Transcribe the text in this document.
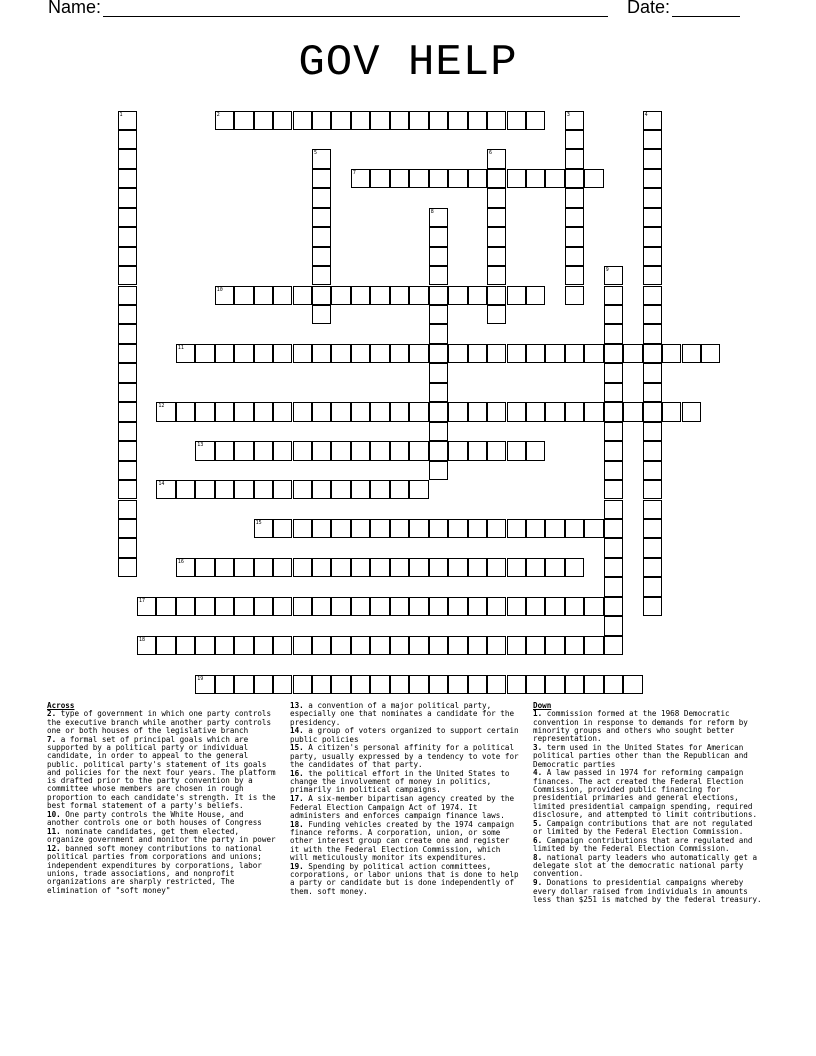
Name:	Date:
GOV HELP
1	2	3	4
5	6
7
8
9
10
11
12
13
14
15
16
17
18
19
Across
2. type of government in which one party controls the executive branch while another party controls one or both houses of the legislative branch
7. a formal set of principal goals which are supported by a political party or individual candidate, in order to appeal to the general public. political party's statement of its goals and policies for the next four years. The platform is drafted prior to the party convention by a committee whose members are chosen in rough proportion to each candidate's strength. It is the best formal statement of a party's beliefs.
10. One party controls the White House, and another controls one or both houses of Congress
11. nominate candidates, get them elected, organize government and monitor the party in power
12. banned soft money contributions to national political parties from corporations and unions; independent expenditures by corporations, labor unions, trade associations, and nonprofit organizations are sharply restricted, The elimination of "soft money"
13. a convention of a major political party, especially one that nominates a candidate for the presidency.
14. a group of voters organized to support certain public policies
15. A citizen's personal affinity for a political party, usually expressed by a tendency to vote for the candidates of that party.
16. the political effort in the United States to change the involvement of money in politics, primarily in political campaigns.
17. A six-member bipartisan agency created by the Federal Election Campaign Act of 1974. It administers and enforces campaign finance laws.
18. Funding vehicles created by the 1974 campaign finance reforms. A corporation, union, or some other interest group can create one and register it with the Federal Election Commission, which will meticulously monitor its expenditures.
19. Spending by political action committees, corporations, or labor unions that is done to help a party or candidate but is done independently of them. soft money.
Down
1. commission formed at the 1968 Democratic convention in response to demands for reform by minority groups and others who sought better representation.
3. term used in the United States for American political parties other than the Republican and Democratic parties
4. A law passed in 1974 for reforming campaign finances. The act created the Federal Election Commission, provided public financing for presidential primaries and general elections, limited presidential campaign spending, required disclosure, and attempted to limit contributions.
5. Campaign contributions that are not regulated or limited by the Federal Election Commission.
6. Campaign contributions that are regulated and limited by the Federal Election Commission.
8. national party leaders who automatically get a delegate slot at the democratic national party convention.
9. Donations to presidential campaigns whereby every dollar raised from individuals in amounts less than $251 is matched by the federal treasury.
